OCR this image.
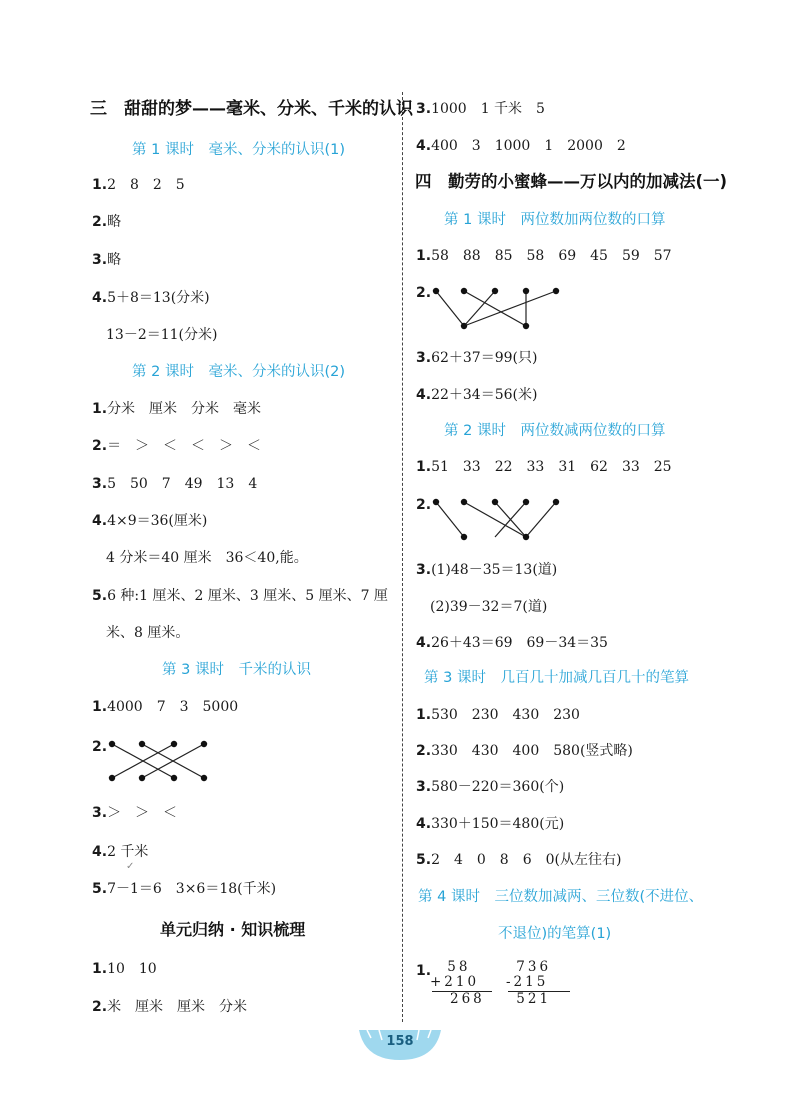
三　甜甜的梦——毫米、分米、千米的认识
第 1 课时　毫米、分米的认识(1)
1.2　8　2　5
2.略
3.略
4.5＋8＝13(分米)
13－2＝11(分米)
第 2 课时　毫米、分米的认识(2)
1.分米　厘米　分米　毫米
2.＝　＞　＜　＜　＞　＜
3.5　50　7　49　13　4
4.4×9＝36(厘米)
4 分米＝40 厘米　36＜40,能。
5.6 种:1 厘米、2 厘米、3 厘米、5 厘米、7 厘
米、8 厘米。
第 3 课时　千米的认识
1.4000　7　3　5000
2.
3.＞　＞　＜
4.2 千米
✓
5.7－1＝6　3×6＝18(千米)
单元归纳 · 知识梳理
1.10　10
2.米　厘米　厘米　分米
3.1000　1 千米　5
4.400　3　1000　1　2000　2
四　勤劳的小蜜蜂——万以内的加减法(一)
第 1 课时　两位数加两位数的口算
1.58　88　85　58　69　45　59　57
2.
3.62＋37＝99(只)
4.22＋34＝56(米)
第 2 课时　两位数减两位数的口算
1.51　33　22　33　31　62　33　25
2.
3.(1)48－35＝13(道)
(2)39－32＝7(道)
4.26＋43＝69　69－34＝35
第 3 课时　几百几十加减几百几十的笔算
1.530　230　430　230
2.330　430　400　580(竖式略)
3.580－220＝360(个)
4.330＋150＝480(元)
5.2　4　0　8　6　0(从左往右)
第 4 课时　三位数加减两、三位数(不进位、
不退位)的笔算(1)
1. 58
+210
268
736
-215
521
158
